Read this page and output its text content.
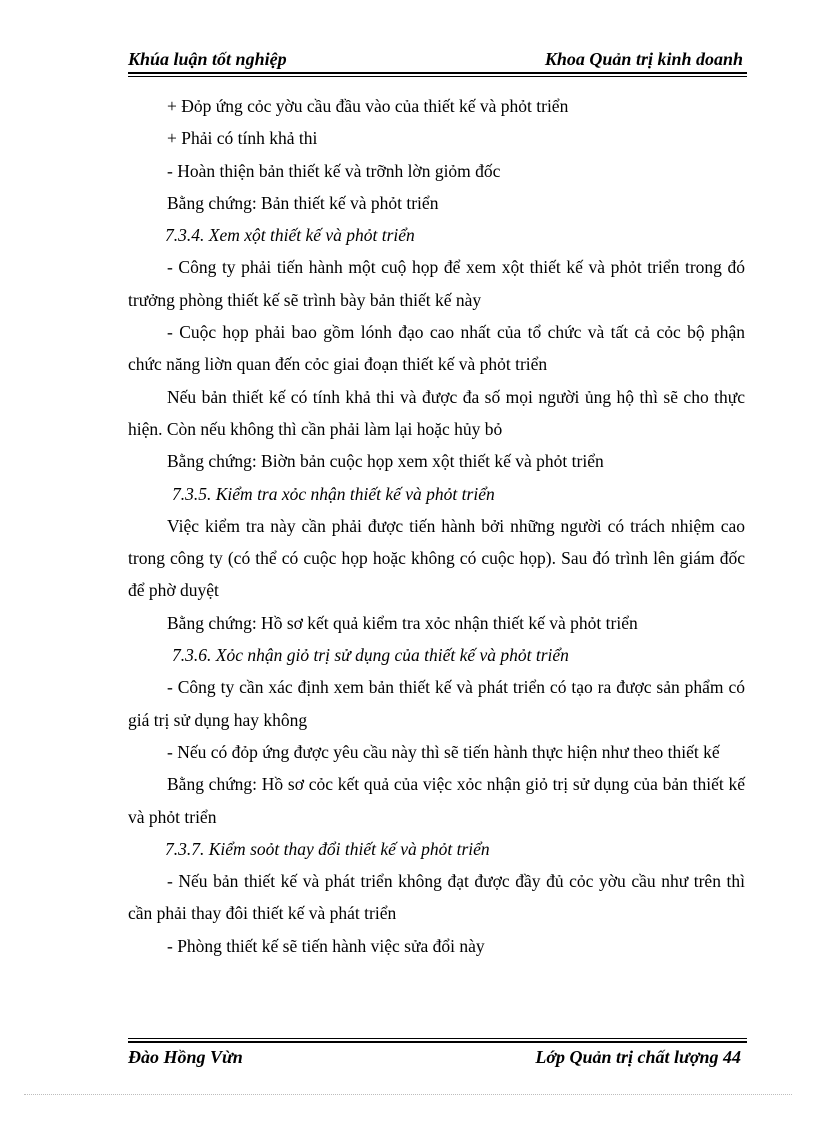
Khúa luận tốt nghiệp	Khoa Quản trị kinh doanh

+ Đỏp ứng cỏc yờu cầu đầu vào của thiết kế và phỏt triển

+ Phải có tính khả thi

- Hoàn thiện bản thiết kế và trỡnh lờn giỏm đốc

Bằng chứng: Bản thiết kế và phỏt triển

7.3.4. Xem xột thiết kế và phỏt triển

- Công ty phải tiến hành một cuộ họp để xem xột thiết kế và phỏt triển trong đó trưởng phòng thiết kế sẽ trình bày bản thiết kế này

- Cuộc họp phải bao gồm lónh đạo cao nhất của tổ chức và tất cả cỏc bộ phận chức năng liờn quan đến cỏc giai đoạn thiết kế và phỏt triển

Nếu bản thiết kế có tính khả thi và được đa số mọi người ủng hộ thì sẽ cho thực hiện. Còn nếu không thì cần phải làm lại hoặc hủy bỏ

Bằng chứng: Biờn bản cuộc họp xem xột thiết kế và phỏt triển

7.3.5. Kiểm tra xỏc nhận thiết kế và phỏt triển

Việc kiểm tra này cần phải được tiến hành bởi những người có trách nhiệm cao trong công ty (có thể có cuộc họp hoặc không có cuộc họp). Sau đó trình lên giám đốc để phờ duyệt

Bằng chứng: Hồ sơ kết quả kiểm tra xỏc nhận thiết kế và phỏt triển

7.3.6. Xỏc nhận giỏ trị sử dụng của thiết kế và phỏt triển

- Công ty cần xác định xem bản thiết kế và phát triển có tạo ra được sản phẩm có giá trị sử dụng hay không

- Nếu có đỏp ứng được yêu cầu này thì sẽ tiến hành thực hiện như theo thiết kế

Bằng chứng: Hồ sơ cỏc kết quả của việc xỏc nhận giỏ trị sử dụng của bản thiết kế và phỏt triển

7.3.7. Kiểm soỏt thay đổi thiết kế và phỏt triển

- Nếu bản thiết kế và phát triển không đạt được đầy đủ cỏc yờu cầu như trên thì cần phải thay đôi thiết kế và phát triển

- Phòng thiết kế sẽ tiến hành việc sửa đổi này

Đào Hồng Vừn	Lớp Quản trị chất lượng 44
